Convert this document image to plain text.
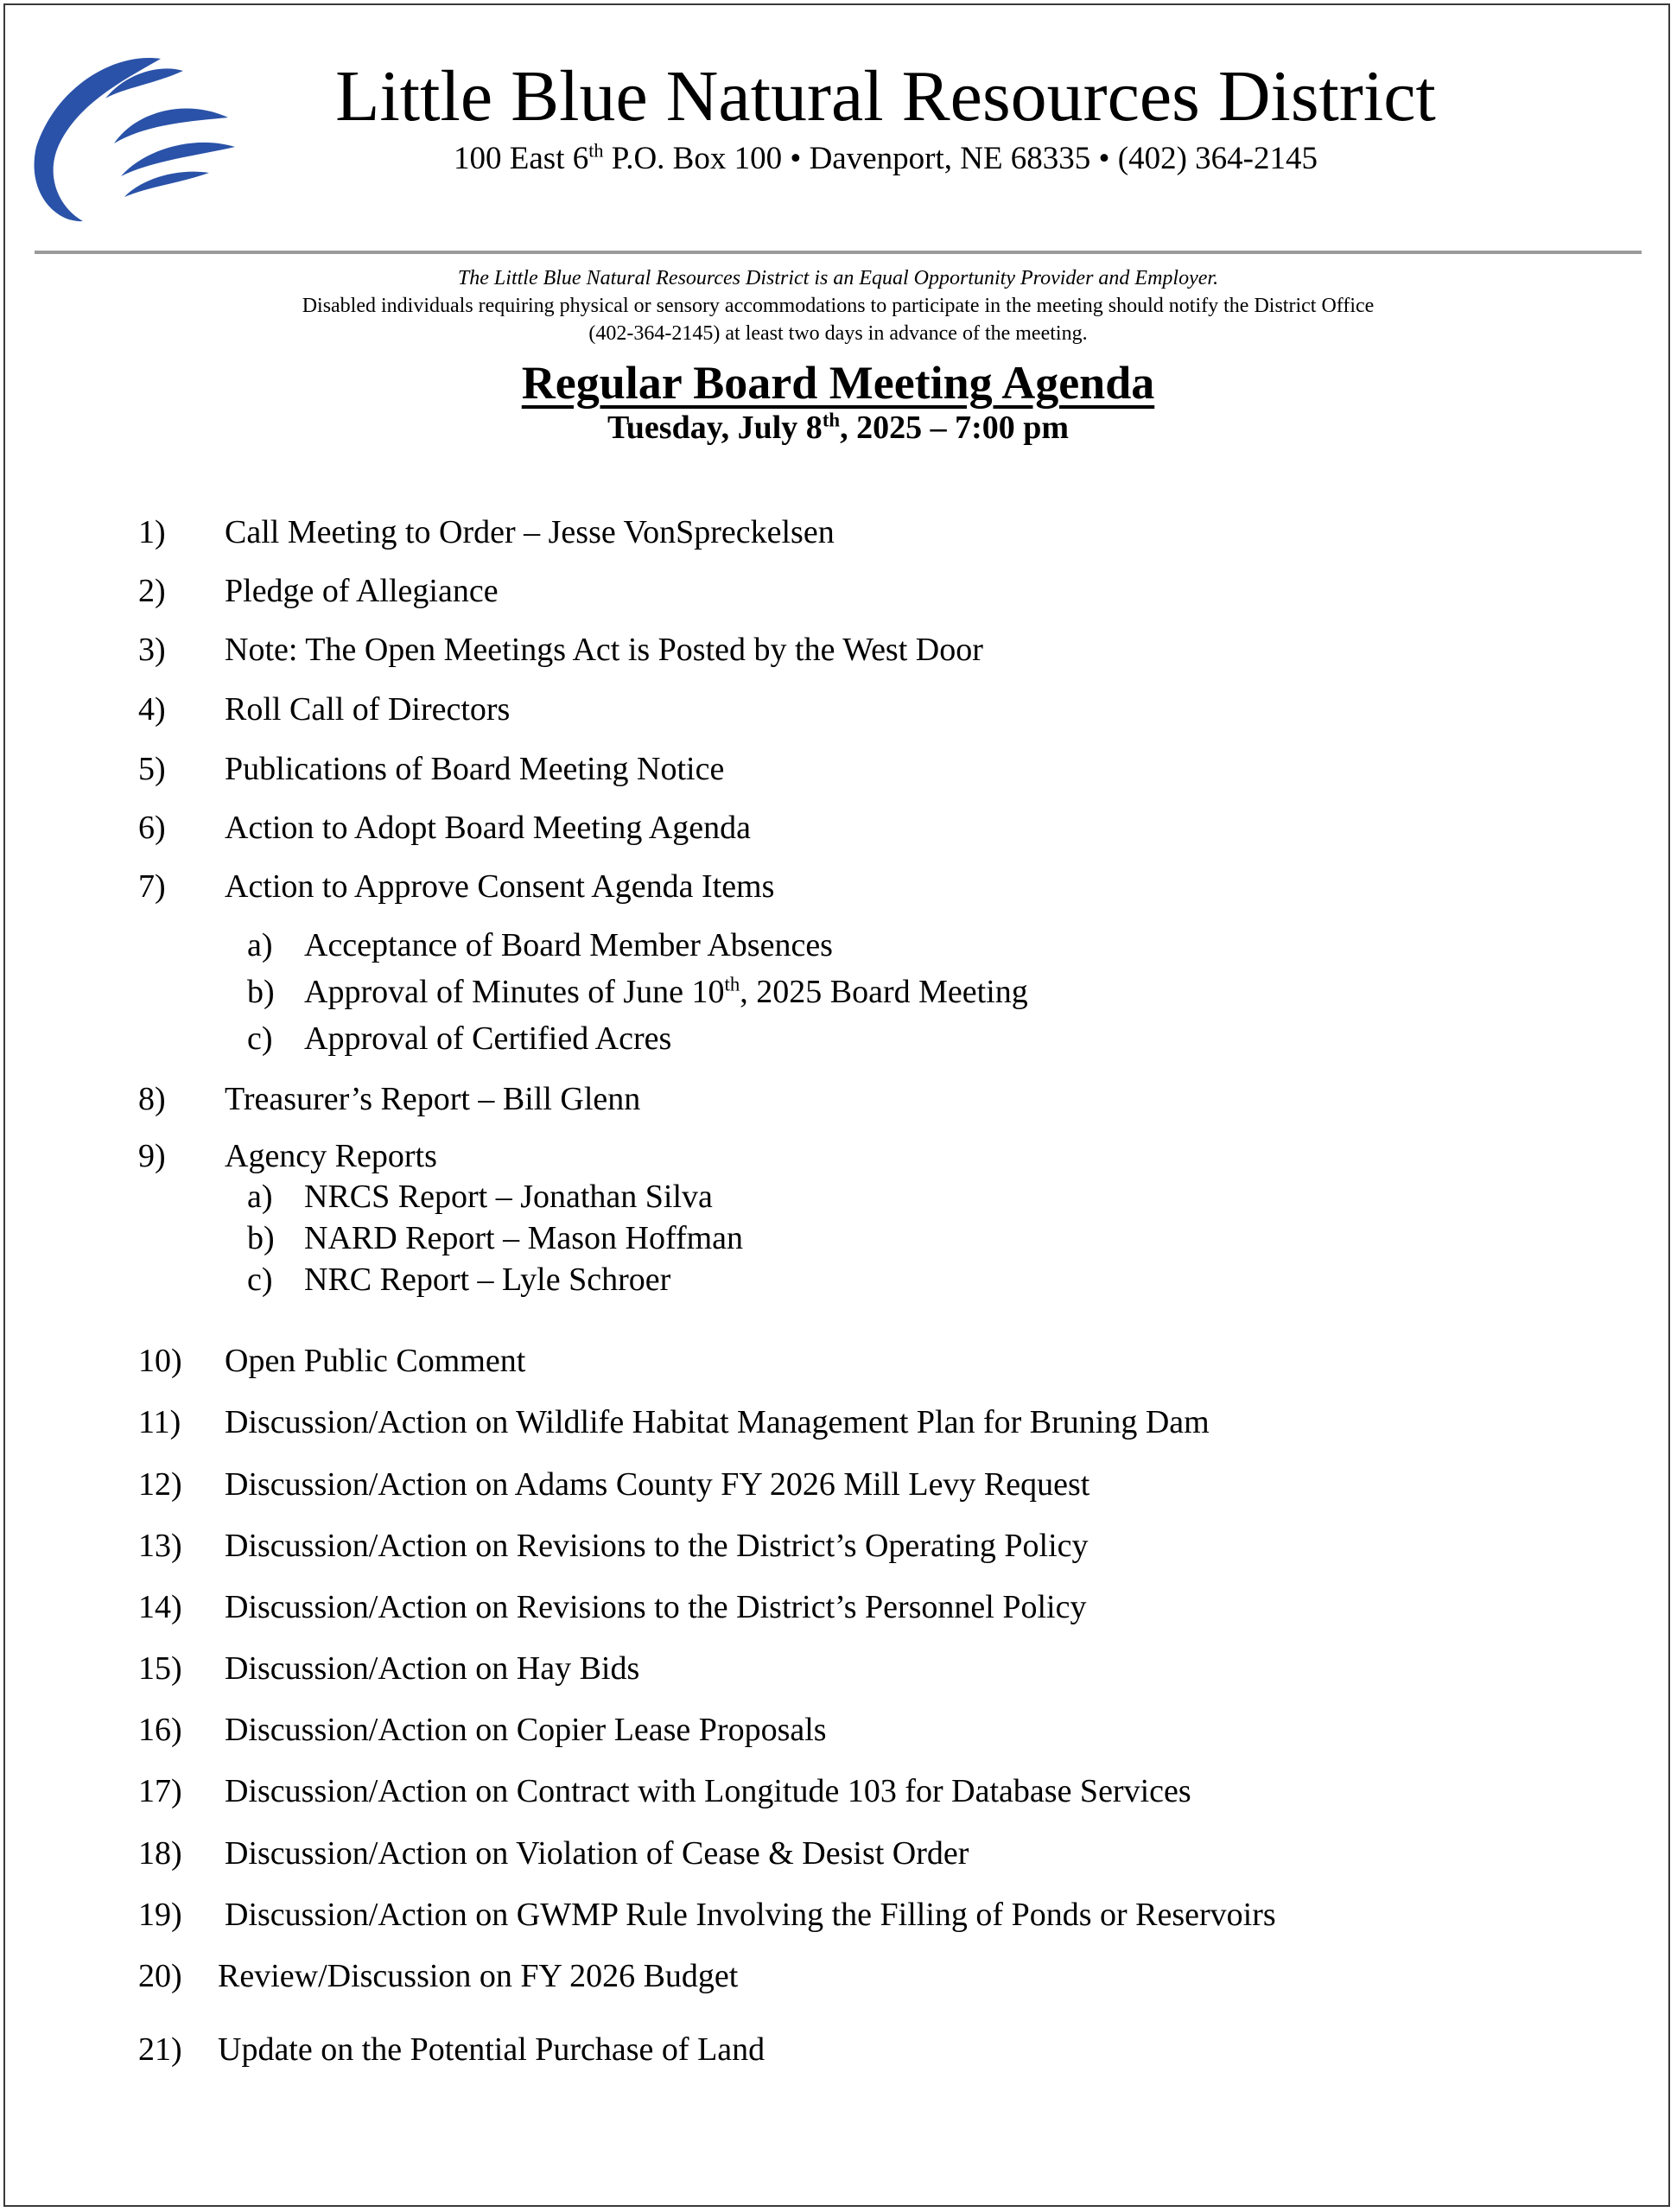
Little Blue Natural Resources District
100 East 6th P.O. Box 100 • Davenport, NE 68335 • (402) 364-2145
The Little Blue Natural Resources District is an Equal Opportunity Provider and Employer.
Disabled individuals requiring physical or sensory accommodations to participate in the meeting should notify the District Office
(402-364-2145) at least two days in advance of the meeting.
Regular Board Meeting Agenda
Tuesday, July 8th, 2025 – 7:00 pm
1) Call Meeting to Order – Jesse VonSpreckelsen
2) Pledge of Allegiance
3) Note: The Open Meetings Act is Posted by the West Door
4) Roll Call of Directors
5) Publications of Board Meeting Notice
6) Action to Adopt Board Meeting Agenda
7) Action to Approve Consent Agenda Items
a) Acceptance of Board Member Absences
b) Approval of Minutes of June 10th, 2025 Board Meeting
c) Approval of Certified Acres
8) Treasurer’s Report – Bill Glenn
9) Agency Reports
a) NRCS Report – Jonathan Silva
b) NARD Report – Mason Hoffman
c) NRC Report – Lyle Schroer
10) Open Public Comment
11) Discussion/Action on Wildlife Habitat Management Plan for Bruning Dam
12) Discussion/Action on Adams County FY 2026 Mill Levy Request
13) Discussion/Action on Revisions to the District’s Operating Policy
14) Discussion/Action on Revisions to the District’s Personnel Policy
15) Discussion/Action on Hay Bids
16) Discussion/Action on Copier Lease Proposals
17) Discussion/Action on Contract with Longitude 103 for Database Services
18) Discussion/Action on Violation of Cease & Desist Order
19) Discussion/Action on GWMP Rule Involving the Filling of Ponds or Reservoirs
20) Review/Discussion on FY 2026 Budget
21) Update on the Potential Purchase of Land
